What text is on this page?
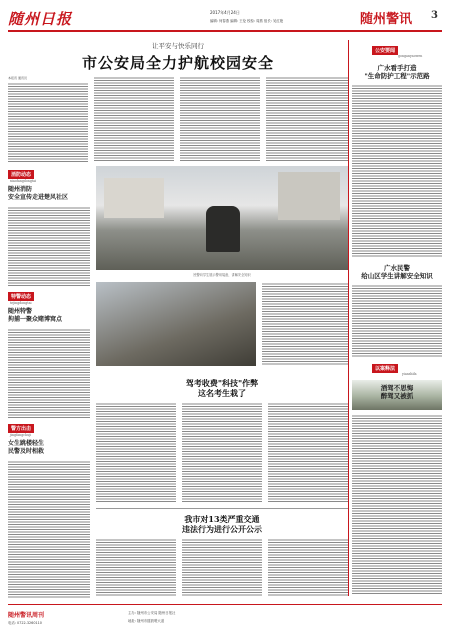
随州日报	2017年4月24日
编辑: 何春燕 编辑: 王伦 校检: 周燕 组长: 吴红艳	随州警讯 3
让平安与快乐同行
市公安局全力护航校园安全
本报讯 通讯员
公安要闻
gonganyaowen
广水看手打造
"生命防护工程"示范路
广水民警
给山区学生讲解安全知识
以案释法
yianshifa
酒驾不思悔
醉驾又被抓
消防动态
xiaofangdongtai
随州消防
安全宣传走进楚风社区
特警动态
tejingdongtai
随州特警
拘捕一聚众赌博窝点
警方出击
jingfangchuji
女生跳楼轻生
民警及时相救
民警向学生展示警用装备，讲解安全知识
驾考收费"科技"作弊
这名考生栽了
我市对13类严重交通
违法行为进行公开公示
随州警讯周刊	主办: 随州市公安局 随州日报社
地址: 随州市擂鼓墩大道
电话: 0722-3260110
